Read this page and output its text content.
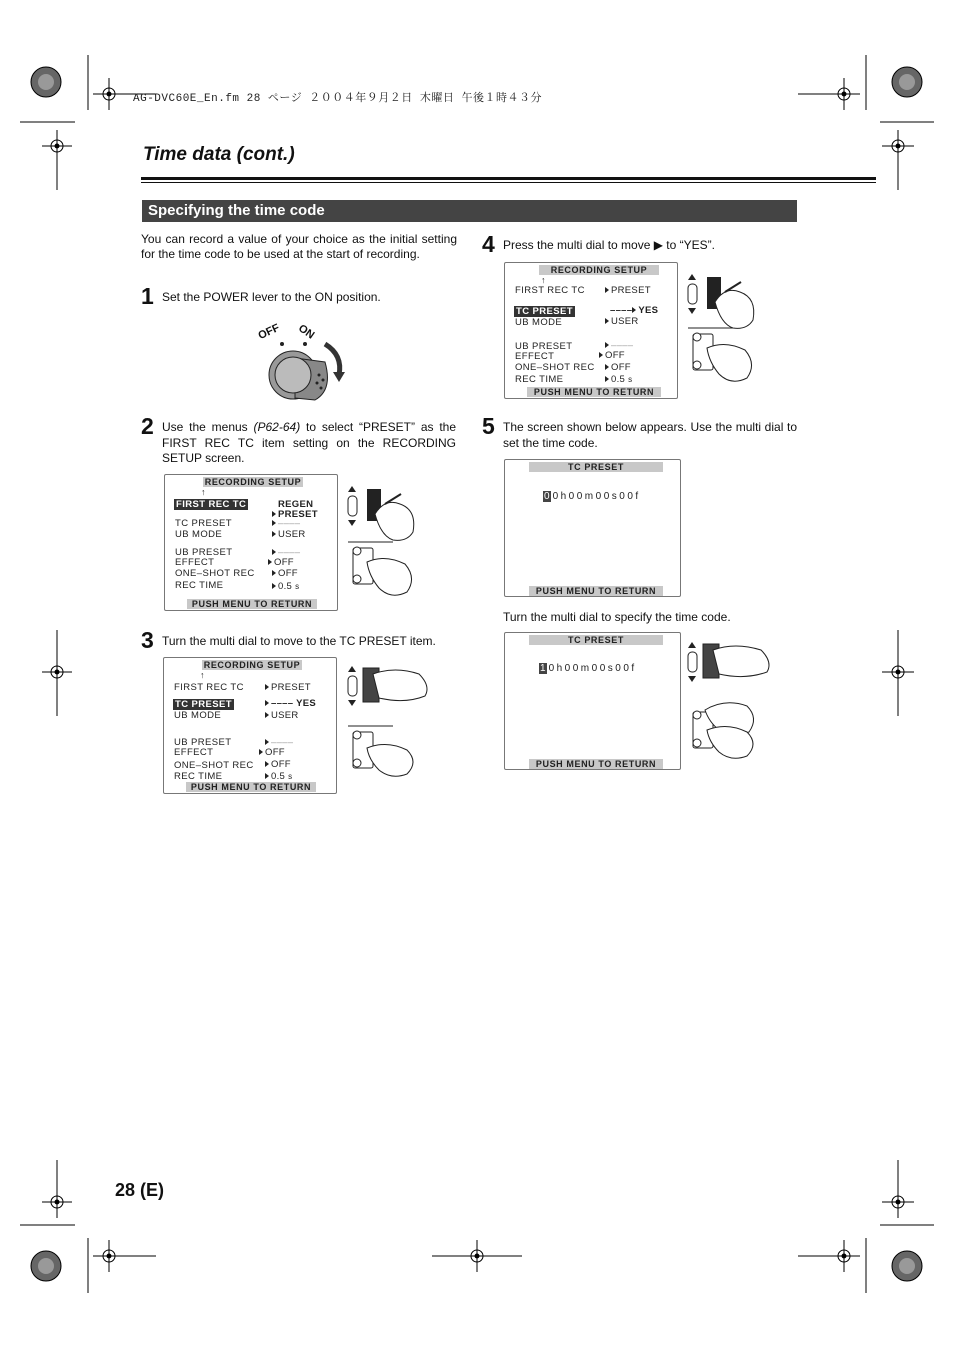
AG-DVC60E_En.fm 28 ページ ２００４年９月２日 木曜日 午後１時４３分
Time data (cont.)
Specifying the time code
You can record a value of your choice as the initial setting for the time code to be used at the start of recording.
1 Set the POWER lever to the ON position.
OFF ON
2 Use the menus (P62-64) to select “PRESET” as the FIRST REC TC item setting on the RECORDING SETUP screen.
RECORDING SETUP
↑
FIRST REC TC	REGEN
PRESET
TC PRESET	––––
UB MODE	USER
UB PRESET	––––
EFFECT	OFF
ONE–SHOT REC	OFF
REC TIME	0.5 s
PUSH MENU TO RETURN
3 Turn the multi dial to move to the TC PRESET item.
RECORDING SETUP
↑
FIRST REC TC	PRESET
TC PRESET	–––– YES
UB MODE	USER
UB PRESET	––––
EFFECT	OFF
ONE–SHOT REC	OFF
REC TIME	0.5 s
PUSH MENU TO RETURN
4 Press the multi dial to move ▶ to “YES”.
RECORDING SETUP
↑
FIRST REC TC	PRESET
TC PRESET	–––– YES
UB MODE	USER
UB PRESET	––––
EFFECT	OFF
ONE–SHOT REC	OFF
REC TIME	0.5 s
PUSH MENU TO RETURN
5 The screen shown below appears. Use the multi dial to set the time code.
TC PRESET
0 0h00m00s00f
PUSH MENU TO RETURN
Turn the multi dial to specify the time code.
TC PRESET
1 0h00m00s00f
PUSH MENU TO RETURN
28 (E)
